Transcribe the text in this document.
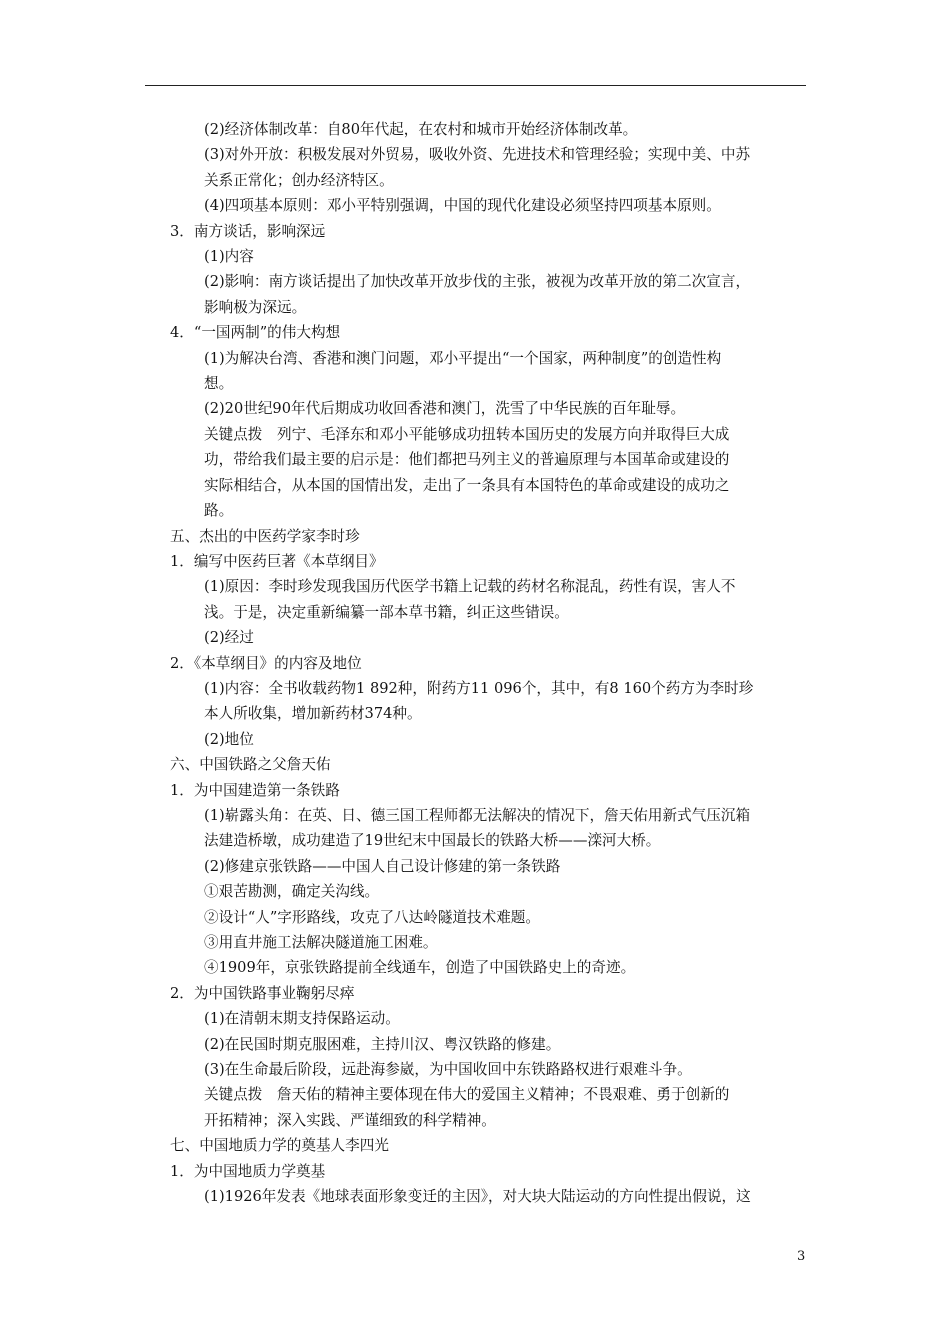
(2)经济体制改革：自80年代起，在农村和城市开始经济体制改革。
(3)对外开放：积极发展对外贸易，吸收外资、先进技术和管理经验；实现中美、中苏
关系正常化；创办经济特区。
(4)四项基本原则：邓小平特别强调，中国的现代化建设必须坚持四项基本原则。
3．南方谈话，影响深远
(1)内容
(2)影响：南方谈话提出了加快改革开放步伐的主张，被视为改革开放的第二次宣言，
影响极为深远。
4．“一国两制”的伟大构想
(1)为解决台湾、香港和澳门问题，邓小平提出“一个国家，两种制度”的创造性构
想。
(2)20世纪90年代后期成功收回香港和澳门，洗雪了中华民族的百年耻辱。
关键点拨　列宁、毛泽东和邓小平能够成功扭转本国历史的发展方向并取得巨大成
功，带给我们最主要的启示是：他们都把马列主义的普遍原理与本国革命或建设的
实际相结合，从本国的国情出发，走出了一条具有本国特色的革命或建设的成功之
路。
五、杰出的中医药学家李时珍
1．编写中医药巨著《本草纲目》
(1)原因：李时珍发现我国历代医学书籍上记载的药材名称混乱，药性有误，害人不
浅。于是，决定重新编纂一部本草书籍，纠正这些错误。
(2)经过
2．《本草纲目》的内容及地位
(1)内容：全书收载药物1 892种，附药方11 096个，其中，有8 160个药方为李时珍
本人所收集，增加新药材374种。
(2)地位
六、中国铁路之父詹天佑
1．为中国建造第一条铁路
(1)崭露头角：在英、日、德三国工程师都无法解决的情况下，詹天佑用新式气压沉箱
法建造桥墩，成功建造了19世纪末中国最长的铁路大桥——滦河大桥。
(2)修建京张铁路——中国人自己设计修建的第一条铁路
①艰苦勘测，确定关沟线。
②设计“人”字形路线，攻克了八达岭隧道技术难题。
③用直井施工法解决隧道施工困难。
④1909年，京张铁路提前全线通车，创造了中国铁路史上的奇迹。
2．为中国铁路事业鞠躬尽瘁
(1)在清朝末期支持保路运动。
(2)在民国时期克服困难，主持川汉、粤汉铁路的修建。
(3)在生命最后阶段，远赴海参崴，为中国收回中东铁路路权进行艰难斗争。
关键点拨　詹天佑的精神主要体现在伟大的爱国主义精神；不畏艰难、勇于创新的
开拓精神；深入实践、严谨细致的科学精神。
七、中国地质力学的奠基人李四光
1．为中国地质力学奠基
(1)1926年发表《地球表面形象变迁的主因》，对大块大陆运动的方向性提出假说，这
3
